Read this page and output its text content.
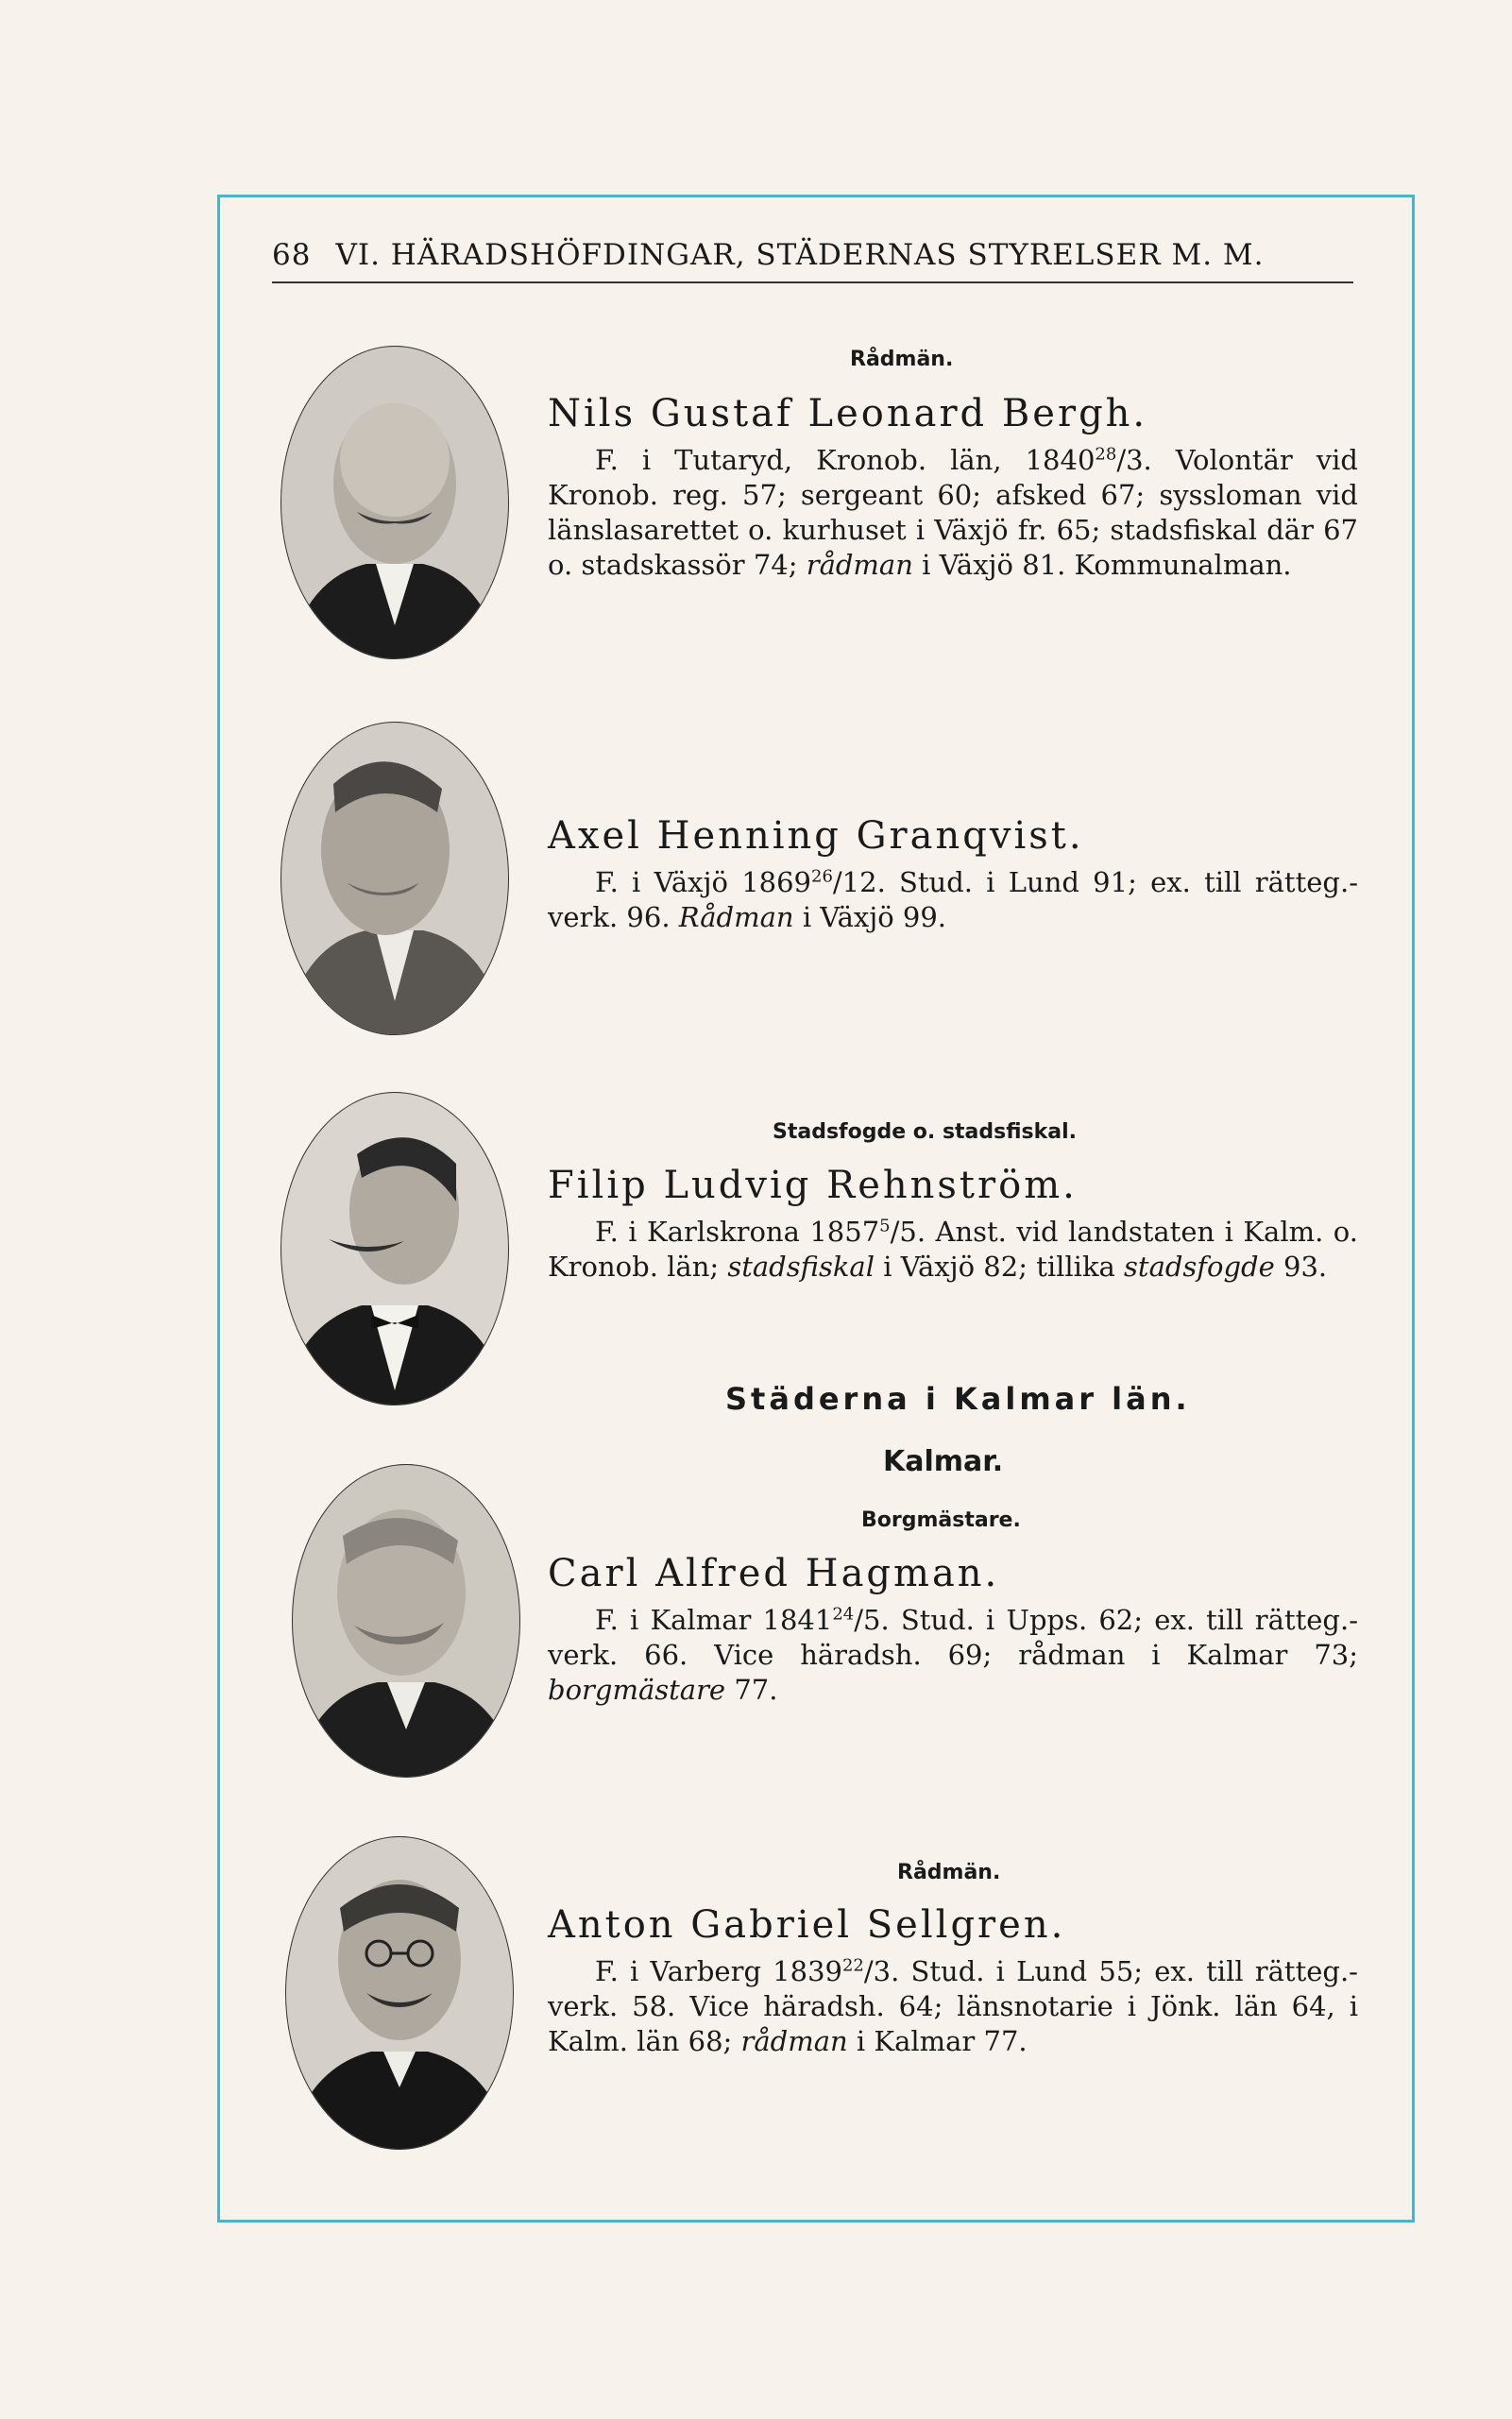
68 VI. HÄRADSHÖFDINGAR, STÄDERNAS STYRELSER M. M.
Rådmän.
Stadsfogde o. stadsfiskal.
Städerna i Kalmar län.
Kalmar.
Borgmästare.
Rådmän.
Nils Gustaf Leonard Bergh.

F. i Tutaryd, Kronob. län, 1840$^{28}$/3. Volontär vid Kronob. reg. 57; sergeant 60; afsked 67; syssloman vid länslasarettet o. kurhuset i Växjö fr. 65; stadsfiskal där 67 o. stadskassör 74; rådman i Växjö 81. Kommunalman.

Axel Henning Granqvist.

F. i Växjö 1869$^{26}$/12. Stud. i Lund 91; ex. till rätteg.-verk. 96. Rådman i Växjö 99.

Filip Ludvig Rehnström.

F. i Karlskrona 1857$^5$/5. Anst. vid landstaten i Kalm. o. Kronob. län; stadsfiskal i Växjö 82; tillika stadsfogde 93.

Carl Alfred Hagman.

F. i Kalmar 1841$^{24}$/5. Stud. i Upps. 62; ex. till rätteg.-verk. 66. Vice häradsh. 69; rådman i Kalmar 73; borgmästare 77.

Anton Gabriel Sellgren.

F. i Varberg 1839$^{22}$/3. Stud. i Lund 55; ex. till rätteg.-verk. 58. Vice häradsh. 64; länsnotarie i Jönk. län 64, i Kalm. län 68; rådman i Kalmar 77.
